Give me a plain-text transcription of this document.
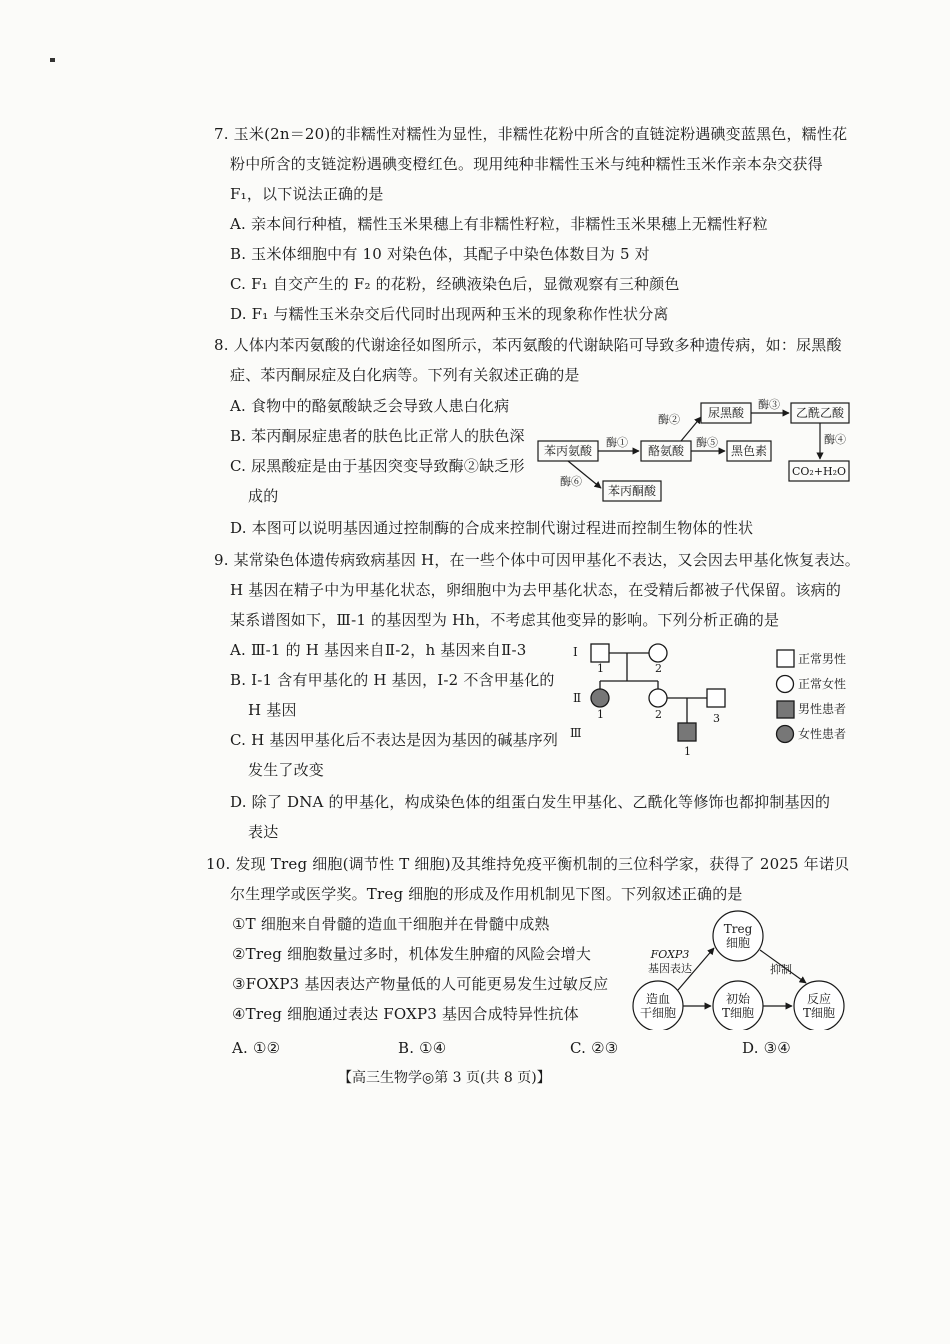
7. 玉米(2n＝20)的非糯性对糯性为显性，非糯性花粉中所含的直链淀粉遇碘变蓝黑色，糯性花
粉中所含的支链淀粉遇碘变橙红色。现用纯种非糯性玉米与纯种糯性玉米作亲本杂交获得
F₁，以下说法正确的是
A. 亲本间行种植，糯性玉米果穗上有非糯性籽粒，非糯性玉米果穗上无糯性籽粒
B. 玉米体细胞中有 10 对染色体，其配子中染色体数目为 5 对
C. F₁ 自交产生的 F₂ 的花粉，经碘液染色后，显微观察有三种颜色
D. F₁ 与糯性玉米杂交后代同时出现两种玉米的现象称作性状分离
8. 人体内苯丙氨酸的代谢途径如图所示，苯丙氨酸的代谢缺陷可导致多种遗传病，如：尿黑酸
症、苯丙酮尿症及白化病等。下列有关叙述正确的是
A. 食物中的酪氨酸缺乏会导致人患白化病
B. 苯丙酮尿症患者的肤色比正常人的肤色深
C. 尿黑酸症是由于基因突变导致酶②缺乏形
成的
D. 本图可以说明基因通过控制酶的合成来控制代谢过程进而控制生物体的性状
苯丙氨酸	酪氨酸
尿黑酸	乙酰乙酸
黑色素
CO₂+H₂O
苯丙酮酸
酶①
酶②
酶③
酶④
酶⑤
酶⑥
9. 某常染色体遗传病致病基因 H，在一些个体中可因甲基化不表达，又会因去甲基化恢复表达。
H 基因在精子中为甲基化状态，卵细胞中为去甲基化状态，在受精后都被子代保留。该病的
某系谱图如下，Ⅲ-1 的基因型为 Hh，不考虑其他变异的影响。下列分析正确的是
A. Ⅲ-1 的 H 基因来自Ⅱ-2，h 基因来自Ⅱ-3
B. Ⅰ-1 含有甲基化的 H 基因，Ⅰ-2 不含甲基化的
H 基因
C. H 基因甲基化后不表达是因为基因的碱基序列
发生了改变
D. 除了 DNA 的甲基化，构成染色体的组蛋白发生甲基化、乙酰化等修饰也都抑制基因的
表达
Ⅰ
Ⅱ
Ⅲ
1	2
1	2	3
1
正常男性
正常女性
男性患者
女性患者
10. 发现 Treg 细胞(调节性 T 细胞)及其维持免疫平衡机制的三位科学家，获得了 2025 年诺贝
尔生理学或医学奖。Treg 细胞的形成及作用机制见下图。下列叙述正确的是
①T 细胞来自骨髓的造血干细胞并在骨髓中成熟
②Treg 细胞数量过多时，机体发生肿瘤的风险会增大
③FOXP3 基因表达产物量低的人可能更易发生过敏反应
④Treg 细胞通过表达 FOXP3 基因合成特异性抗体
A. ①②	B. ①④	C. ②③	D. ③④
Treg
细胞
造血
干细胞
初始
T细胞
反应
T细胞
FOXP3
基因表达	抑制
【高三生物学◎第 3 页(共 8 页)】
